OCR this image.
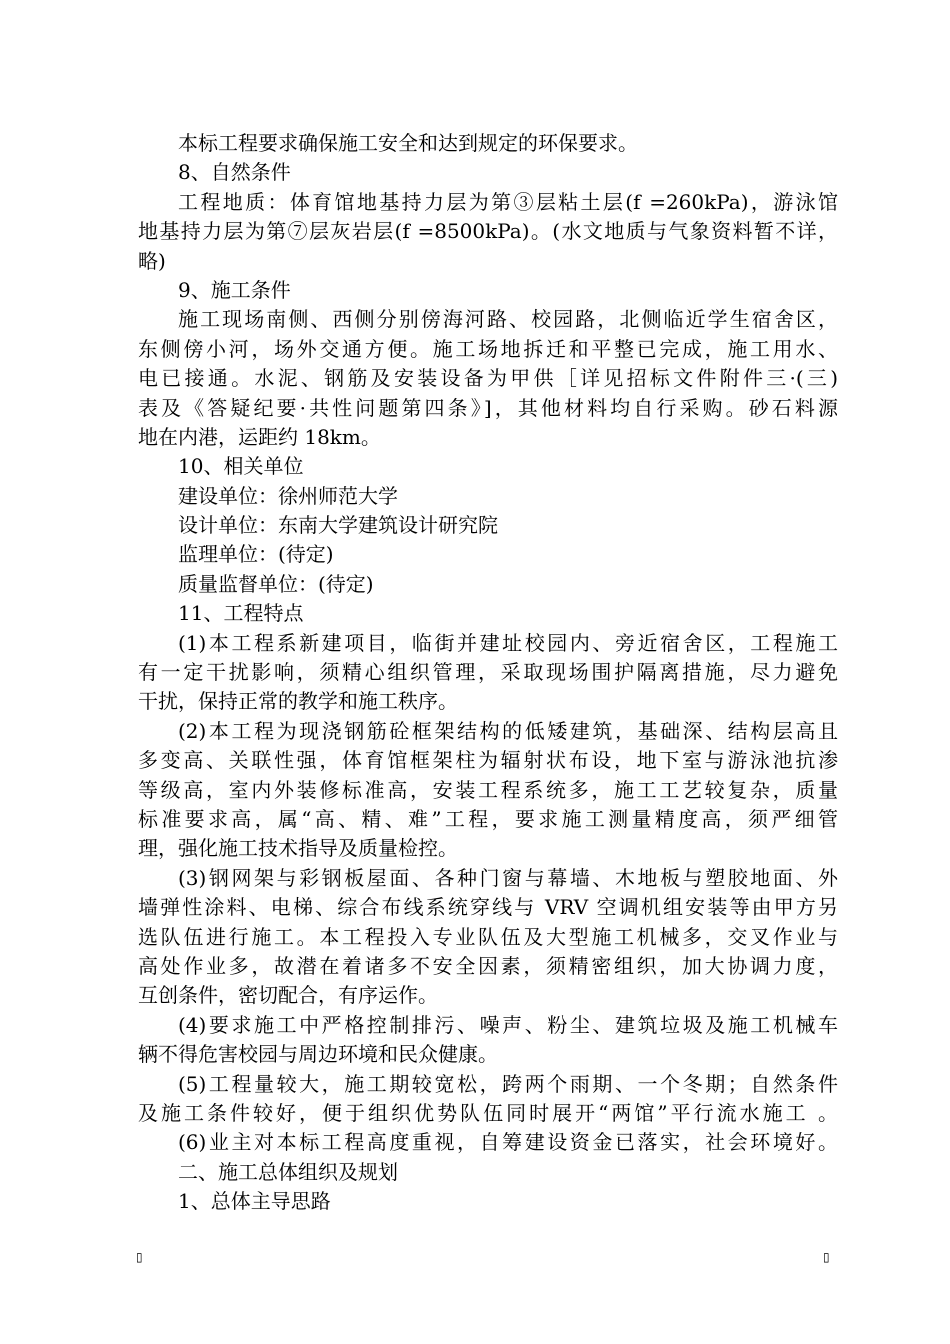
本标工程要求确保施工安全和达到规定的环保要求。
8、自然条件
工程地质：体育馆地基持力层为第③层粘土层(f =260kPa)，游泳馆
地基持力层为第⑦层灰岩层(f =8500kPa)。(水文地质与气象资料暂不详，
略)
9、施工条件
施工现场南侧、西侧分别傍海河路、校园路，北侧临近学生宿舍区，
东侧傍小河，场外交通方便。施工场地拆迁和平整已完成，施工用水、
电已接通。水泥、钢筋及安装设备为甲供［详见招标文件附件三·(三)
表及《答疑纪要·共性问题第四条》]，其他材料均自行采购。砂石料源
地在内港，运距约 18km。
10、相关单位
建设单位：徐州师范大学
设计单位：东南大学建筑设计研究院
监理单位：(待定)
质量监督单位：(待定)
11、工程特点
(1)本工程系新建项目，临街并建址校园内、旁近宿舍区，工程施工
有一定干扰影响，须精心组织管理，采取现场围护隔离措施，尽力避免
干扰，保持正常的教学和施工秩序。
(2)本工程为现浇钢筋砼框架结构的低矮建筑，基础深、结构层高且
多变高、关联性强，体育馆框架柱为辐射状布设，地下室与游泳池抗渗
等级高，室内外装修标准高，安装工程系统多，施工工艺较复杂，质量
标准要求高，属“高、精、难”工程，要求施工测量精度高，须严细管
理，强化施工技术指导及质量检控。
(3)钢网架与彩钢板屋面、各种门窗与幕墙、木地板与塑胶地面、外
墙弹性涂料、电梯、综合布线系统穿线与 VRV 空调机组安装等由甲方另
选队伍进行施工。本工程投入专业队伍及大型施工机械多，交叉作业与
高处作业多，故潜在着诸多不安全因素，须精密组织，加大协调力度，
互创条件，密切配合，有序运作。
(4)要求施工中严格控制排污、噪声、粉尘、建筑垃圾及施工机械车
辆不得危害校园与周边环境和民众健康。
(5)工程量较大，施工期较宽松，跨两个雨期、一个冬期；自然条件
及施工条件较好，便于组织优势队伍同时展开“两馆”平行流水施工 。
(6)业主对本标工程高度重视，自筹建设资金已落实，社会环境好。
二、施工总体组织及规划
1、总体主导思路
▯	▯
